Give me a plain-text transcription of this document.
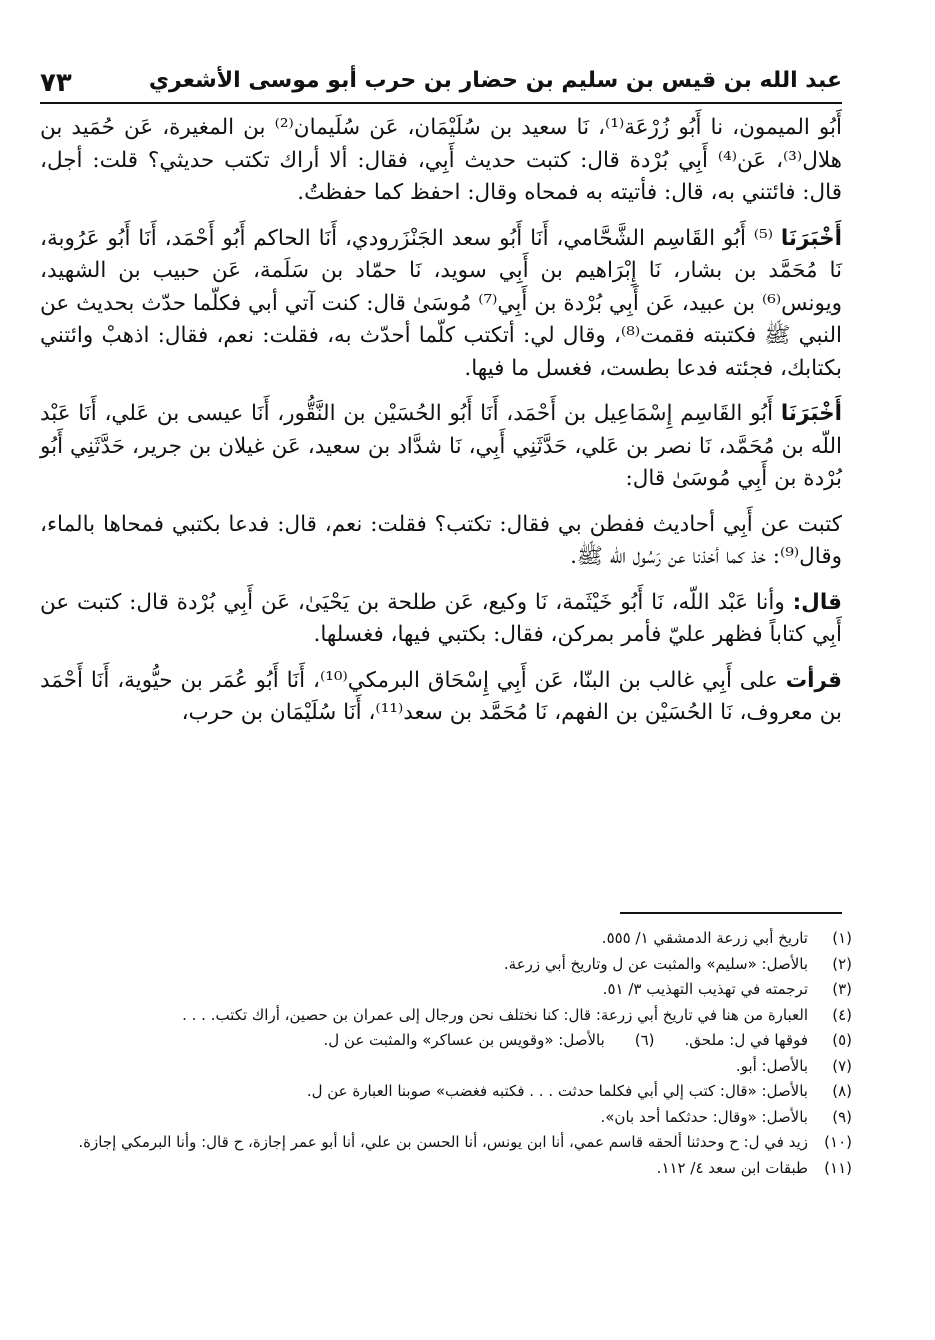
٧٣	عبد الله بن قيس بن سليم بن حضار بن حرب أبو موسى الأشعري

أَبُو الميمون، نا أَبُو زُرْعَة⁽¹⁾، نَا سعيد بن سُلَيْمَان، عَن سُلَيمان⁽²⁾ بن المغيرة، عَن حُمَيد بن هلال⁽³⁾، عَن⁽⁴⁾ أَبِي بُرْدة قال: كتبت حديث أَبِي، فقال: ألا أراك تكتب حديثي؟ قلت: أجل، قال: فائتني به، قال: فأتيته به فمحاه وقال: احفظ كما حفظتُ.

أَخْبَرَنَا ⁽⁵⁾ أَبُو القَاسِم الشَّحَّامي، أَنَا أَبُو سعد الجَنْزَرودي، أَنَا الحاكم أَبُو أَحْمَد، أَنَا أَبُو عَرُوبة، نَا مُحَمَّد بن بشار، نَا إِبْرَاهيم بن أَبِي سويد، نَا حمّاد بن سَلَمة، عَن حبيب بن الشهيد، ويونس⁽⁶⁾ بن عبيد، عَن أَبِي بُرْدة بن أَبِي⁽⁷⁾ مُوسَىٰ قال: كنت آتي أبي فكلّما حدّث بحديث عن النبي ﷺ فكتبته فقمت⁽⁸⁾، وقال لي: أتكتب كلّما أحدّث به، فقلت: نعم، فقال: اذهبْ وائتني بكتابك، فجئته فدعا بطست، فغسل ما فيها.

أَخْبَرَنَا أَبُو القَاسِم إِسْمَاعِيل بن أَحْمَد، أَنَا أَبُو الحُسَيْن بن النَّقُّور، أَنَا عيسى بن عَلي، أَنَا عَبْد اللّه بن مُحَمَّد، نَا نصر بن عَلي، حَدَّثَنِي أَبِي، نَا شدَّاد بن سعيد، عَن غيلان بن جرير، حَدَّثَنِي أَبُو بُرْدة بن أَبِي مُوسَىٰ قال:

كتبت عن أَبِي أحاديث ففطن بي فقال: تكتب؟ فقلت: نعم، قال: فدعا بكتبي فمحاها بالماء، وقال⁽⁹⁾: خذ كما أخذنا عن رَسُول الله ﷺ.

قال: وأنا عَبْد اللّه، نَا أَبُو خَيْثَمة، نَا وكيع، عَن طلحة بن يَحْيَىٰ، عَن أَبِي بُرْدة قال: كتبت عن أَبِي كتاباً فظهر عليّ فأمر بمركن، فقال: بكتبي فيها، فغسلها.

قرأت على أَبِي غالب بن البنّا، عَن أَبِي إِسْحَاق البرمكي⁽¹⁰⁾، أَنَا أَبُو عُمَر بن حيُّوية، أَنَا أَحْمَد بن معروف، نَا الحُسَيْن بن الفهم، نَا مُحَمَّد بن سعد⁽¹¹⁾، أَنَا سُلَيْمَان بن حرب،

(١)
تاريخ أبي زرعة الدمشقي ١/ ٥٥٥.
(٢)
بالأصل: «سليم» والمثبت عن ل وتاريخ أبي زرعة.
(٣)
ترجمته في تهذيب التهذيب ٣/ ٥١.
(٤)
العبارة من هنا في تاريخ أبي زرعة: قال: كنا نختلف نحن ورجال إلى عمران بن حصين، أراك تكتب. . . .
(٥)
فوقها في ل: ملحق.
(٦)
بالأصل: «وقويس بن عساكر» والمثبت عن ل.
(٧)
بالأصل: أبو.
(٨)
بالأصل: «قال: كتب إلي أبي فكلما حدثت . . . فكتبه فغضب» صوبنا العبارة عن ل.
(٩)
بالأصل: «وقال: حدثكما أحد بان».
(١٠)
زيد في ل: ح وحدثنا ألحقه قاسم عمي، أنا ابن يونس، أنا الحسن بن علي، أنا أبو عمر إجازة، ح قال: وأنا البرمكي إجازة.
(١١)
طبقات ابن سعد ٤/ ١١٢.
